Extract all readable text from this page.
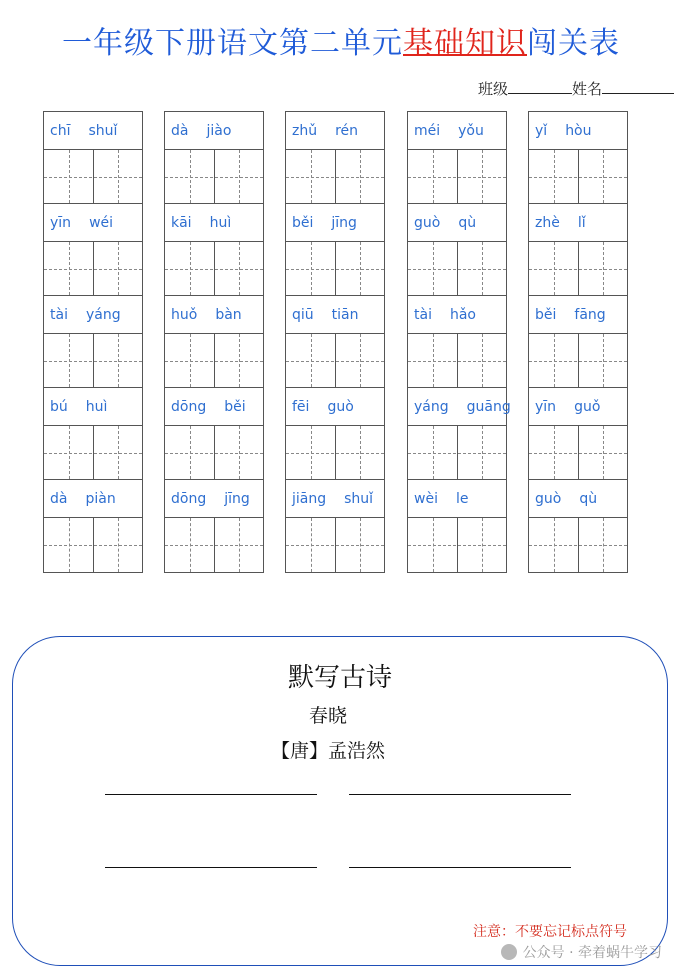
一年级下册语文第二单元基础知识闯关表
班级	姓名
chī shuǐ
yīn wéi
tài yáng
bú huì
dà piàn
dà jiào
kāi huì
huǒ bàn
dōng běi
dōng jīng
zhǔ rén
běi jīng
qiū tiān
fēi guò
jiāng shuǐ
méi yǒu
guò qù
tài hǎo
yáng guāng
wèi le
yǐ hòu
zhè lǐ
běi fāng
yīn guǒ
guò qù
默写古诗
春晓
【唐】孟浩然
注意：不要忘记标点符号
公众号 · 牵着蜗牛学习
